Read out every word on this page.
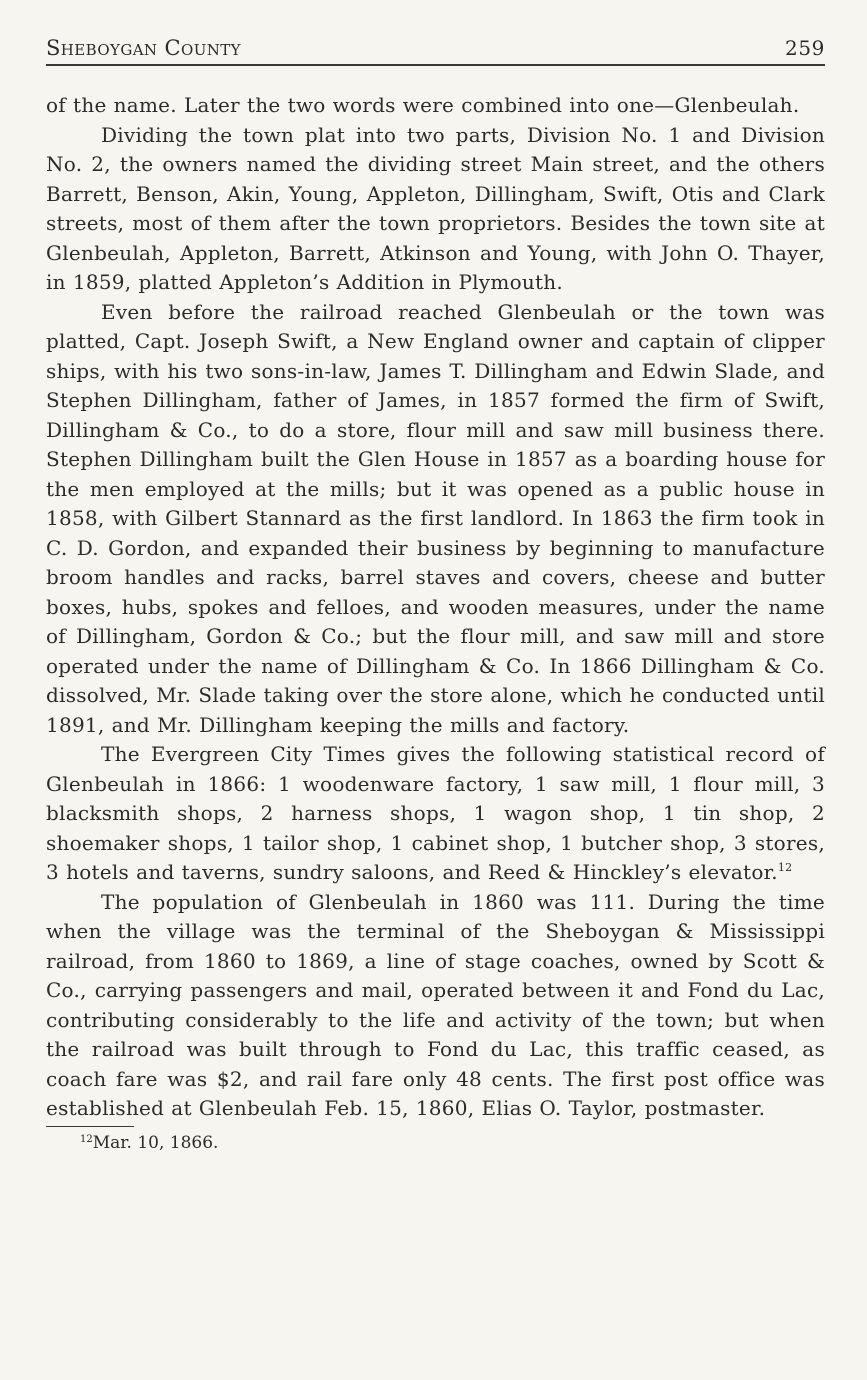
Sheboygan County	259

of the name. Later the two words were combined into one—Glenbeulah.

Dividing the town plat into two parts, Division No. 1 and Division No. 2, the owners named the dividing street Main street, and the others Barrett, Benson, Akin, Young, Appleton, Dillingham, Swift, Otis and Clark streets, most of them after the town proprietors. Besides the town site at Glenbeulah, Appleton, Barrett, Atkinson and Young, with John O. Thayer, in 1859, platted Appleton’s Addition in Plymouth.

Even before the railroad reached Glenbeulah or the town was platted, Capt. Joseph Swift, a New England owner and captain of clipper ships, with his two sons-in-law, James T. Dillingham and Edwin Slade, and Stephen Dillingham, father of James, in 1857 formed the firm of Swift, Dillingham & Co., to do a store, flour mill and saw mill business there. Stephen Dillingham built the Glen House in 1857 as a boarding house for the men employed at the mills; but it was opened as a public house in 1858, with Gilbert Stannard as the first landlord. In 1863 the firm took in C. D. Gordon, and expanded their business by beginning to manufacture broom handles and racks, barrel staves and covers, cheese and butter boxes, hubs, spokes and felloes, and wooden measures, under the name of Dillingham, Gordon & Co.; but the flour mill, and saw mill and store operated under the name of Dillingham & Co. In 1866 Dillingham & Co. dissolved, Mr. Slade taking over the store alone, which he conducted until 1891, and Mr. Dillingham keeping the mills and factory.

The Evergreen City Times gives the following statistical record of Glenbeulah in 1866: 1 woodenware factory, 1 saw mill, 1 flour mill, 3 blacksmith shops, 2 harness shops, 1 wagon shop, 1 tin shop, 2 shoemaker shops, 1 tailor shop, 1 cabinet shop, 1 butcher shop, 3 stores, 3 hotels and taverns, sundry saloons, and Reed & Hinckley’s elevator.$^{12}$

The population of Glenbeulah in 1860 was 111. During the time when the village was the terminal of the Sheboygan & Mississippi railroad, from 1860 to 1869, a line of stage coaches, owned by Scott & Co., carrying passengers and mail, operated between it and Fond du Lac, contributing considerably to the life and activity of the town; but when the railroad was built through to Fond du Lac, this traffic ceased, as coach fare was $2, and rail fare only 48 cents. The first post office was established at Glenbeulah Feb. 15, 1860, Elias O. Taylor, postmaster.

$^{12}$Mar. 10, 1866.
